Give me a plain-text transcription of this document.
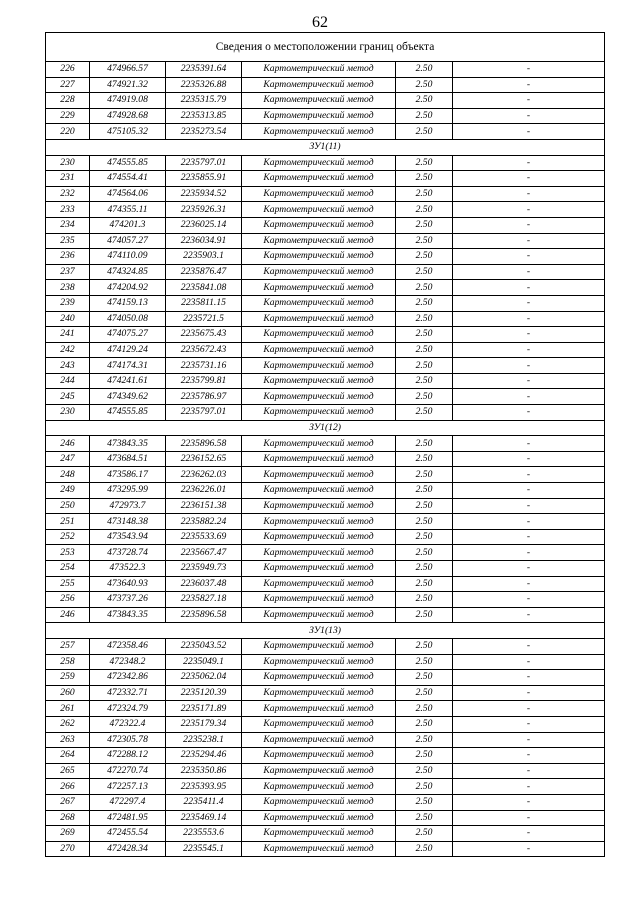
62
Сведения о местоположении границ объекта					
226	474966.57	2235391.64	Картометрический метод	2.50	-
227	474921.32	2235326.88	Картометрический метод	2.50	-
228	474919.08	2235315.79	Картометрический метод	2.50	-
229	474928.68	2235313.85	Картометрический метод	2.50	-
220	475105.32	2235273.54	Картометрический метод	2.50	-
ЗУ1(11)					
230	474555.85	2235797.01	Картометрический метод	2.50	-
231	474554.41	2235855.91	Картометрический метод	2.50	-
232	474564.06	2235934.52	Картометрический метод	2.50	-
233	474355.11	2235926.31	Картометрический метод	2.50	-
234	474201.3	2236025.14	Картометрический метод	2.50	-
235	474057.27	2236034.91	Картометрический метод	2.50	-
236	474110.09	2235903.1	Картометрический метод	2.50	-
237	474324.85	2235876.47	Картометрический метод	2.50	-
238	474204.92	2235841.08	Картометрический метод	2.50	-
239	474159.13	2235811.15	Картометрический метод	2.50	-
240	474050.08	2235721.5	Картометрический метод	2.50	-
241	474075.27	2235675.43	Картометрический метод	2.50	-
242	474129.24	2235672.43	Картометрический метод	2.50	-
243	474174.31	2235731.16	Картометрический метод	2.50	-
244	474241.61	2235799.81	Картометрический метод	2.50	-
245	474349.62	2235786.97	Картометрический метод	2.50	-
230	474555.85	2235797.01	Картометрический метод	2.50	-
ЗУ1(12)					
246	473843.35	2235896.58	Картометрический метод	2.50	-
247	473684.51	2236152.65	Картометрический метод	2.50	-
248	473586.17	2236262.03	Картометрический метод	2.50	-
249	473295.99	2236226.01	Картометрический метод	2.50	-
250	472973.7	2236151.38	Картометрический метод	2.50	-
251	473148.38	2235882.24	Картометрический метод	2.50	-
252	473543.94	2235533.69	Картометрический метод	2.50	-
253	473728.74	2235667.47	Картометрический метод	2.50	-
254	473522.3	2235949.73	Картометрический метод	2.50	-
255	473640.93	2236037.48	Картометрический метод	2.50	-
256	473737.26	2235827.18	Картометрический метод	2.50	-
246	473843.35	2235896.58	Картометрический метод	2.50	-
ЗУ1(13)					
257	472358.46	2235043.52	Картометрический метод	2.50	-
258	472348.2	2235049.1	Картометрический метод	2.50	-
259	472342.86	2235062.04	Картометрический метод	2.50	-
260	472332.71	2235120.39	Картометрический метод	2.50	-
261	472324.79	2235171.89	Картометрический метод	2.50	-
262	472322.4	2235179.34	Картометрический метод	2.50	-
263	472305.78	2235238.1	Картометрический метод	2.50	-
264	472288.12	2235294.46	Картометрический метод	2.50	-
265	472270.74	2235350.86	Картометрический метод	2.50	-
266	472257.13	2235393.95	Картометрический метод	2.50	-
267	472297.4	2235411.4	Картометрический метод	2.50	-
268	472481.95	2235469.14	Картометрический метод	2.50	-
269	472455.54	2235553.6	Картометрический метод	2.50	-
270	472428.34	2235545.1	Картометрический метод	2.50	-
